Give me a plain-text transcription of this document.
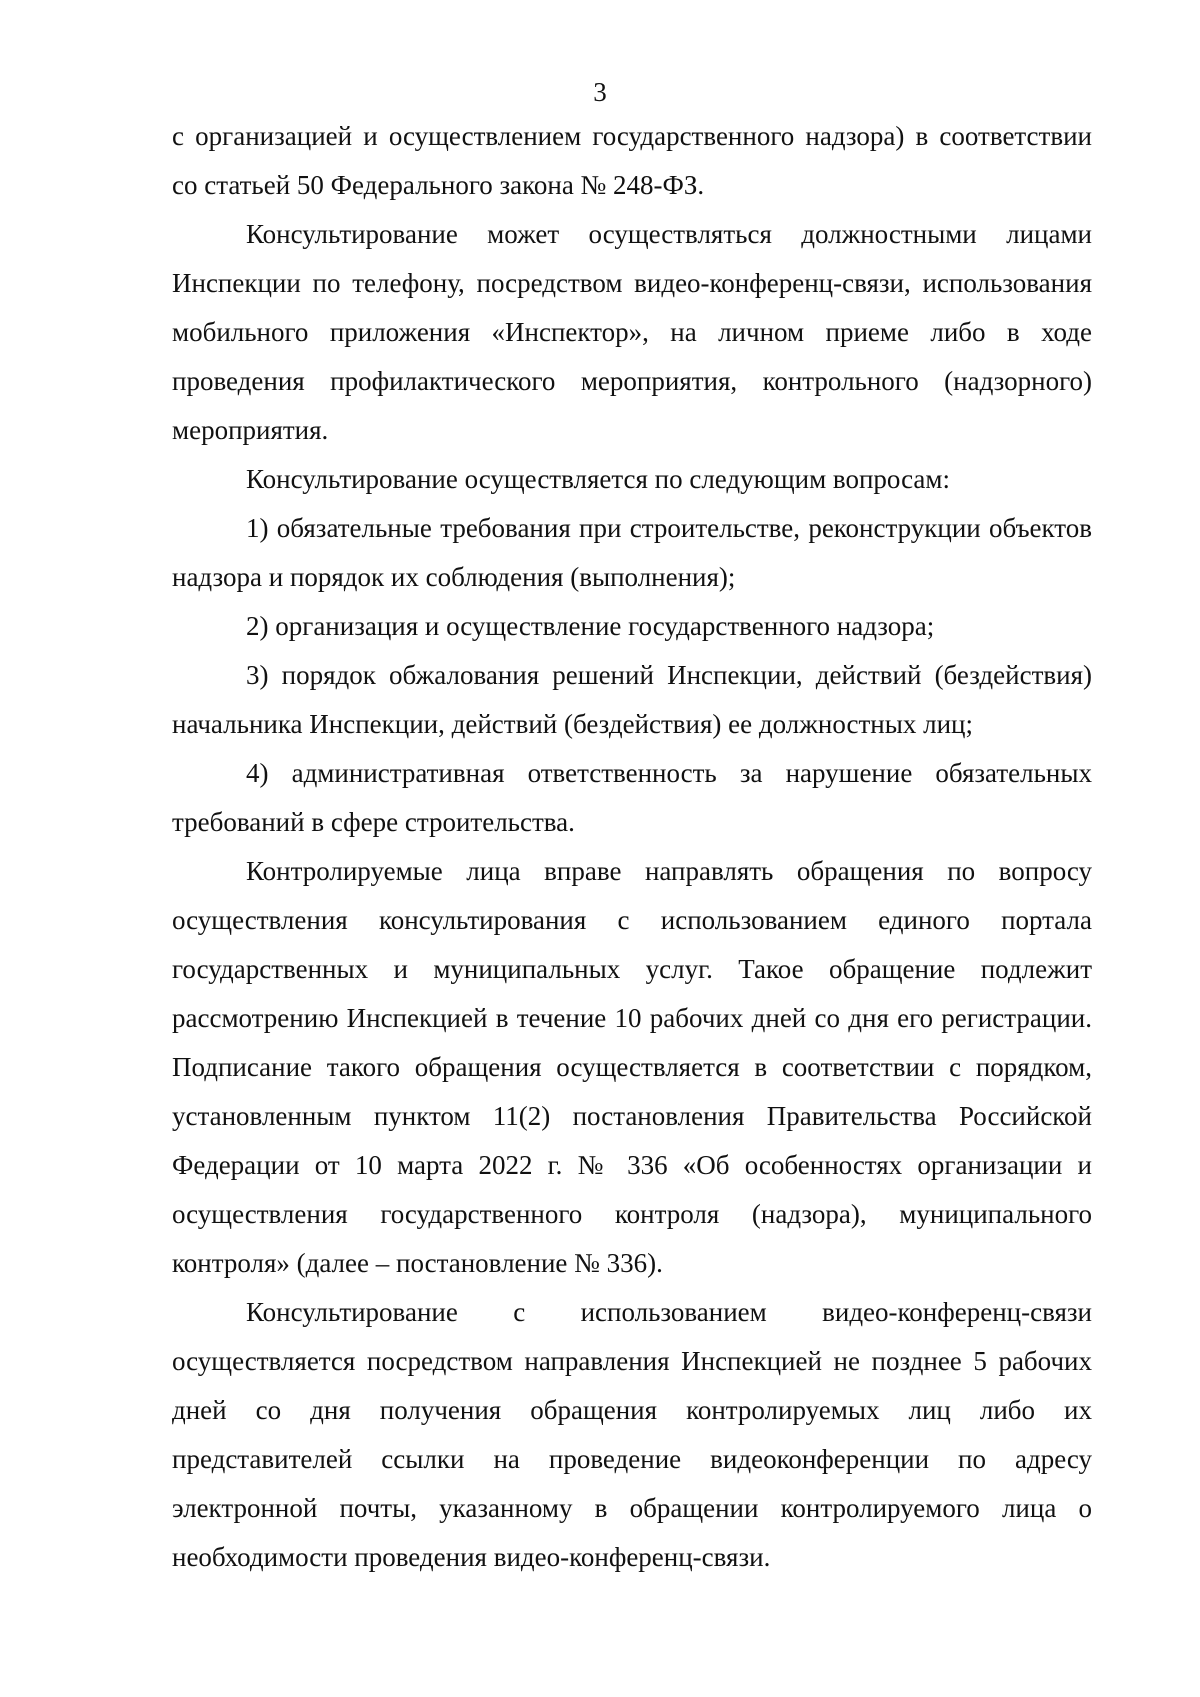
3

с организацией и осуществлением государственного надзора) в соответствии со статьей 50 Федерального закона № 248-ФЗ.

Консультирование может осуществляться должностными лицами Инспекции по телефону, посредством видео-конференц-связи, использования мобильного приложения «Инспектор», на личном приеме либо в ходе проведения профилактического мероприятия, контрольного (надзорного) мероприятия.

Консультирование осуществляется по следующим вопросам:

1) обязательные требования при строительстве, реконструкции объектов надзора и порядок их соблюдения (выполнения);

2) организация и осуществление государственного надзора;

3) порядок обжалования решений Инспекции, действий (бездействия) начальника Инспекции, действий (бездействия) ее должностных лиц;

4) административная ответственность за нарушение обязательных требований в сфере строительства.

Контролируемые лица вправе направлять обращения по вопросу осуществления консультирования с использованием единого портала государственных и муниципальных услуг. Такое обращение подлежит рассмотрению Инспекцией в течение 10 рабочих дней со дня его регистрации. Подписание такого обращения осуществляется в соответствии с порядком, установленным пунктом 11(2) постановления Правительства Российской Федерации от 10 марта 2022 г. № 336 «Об особенностях организации и осуществления государственного контроля (надзора), муниципального контроля» (далее – постановление № 336).

Консультирование с использованием видео-конференц-связи осуществляется посредством направления Инспекцией не позднее 5 рабочих дней со дня получения обращения контролируемых лиц либо их представителей ссылки на проведение видеоконференции по адресу электронной почты, указанному в обращении контролируемого лица о необходимости проведения видео-конференц-связи.
